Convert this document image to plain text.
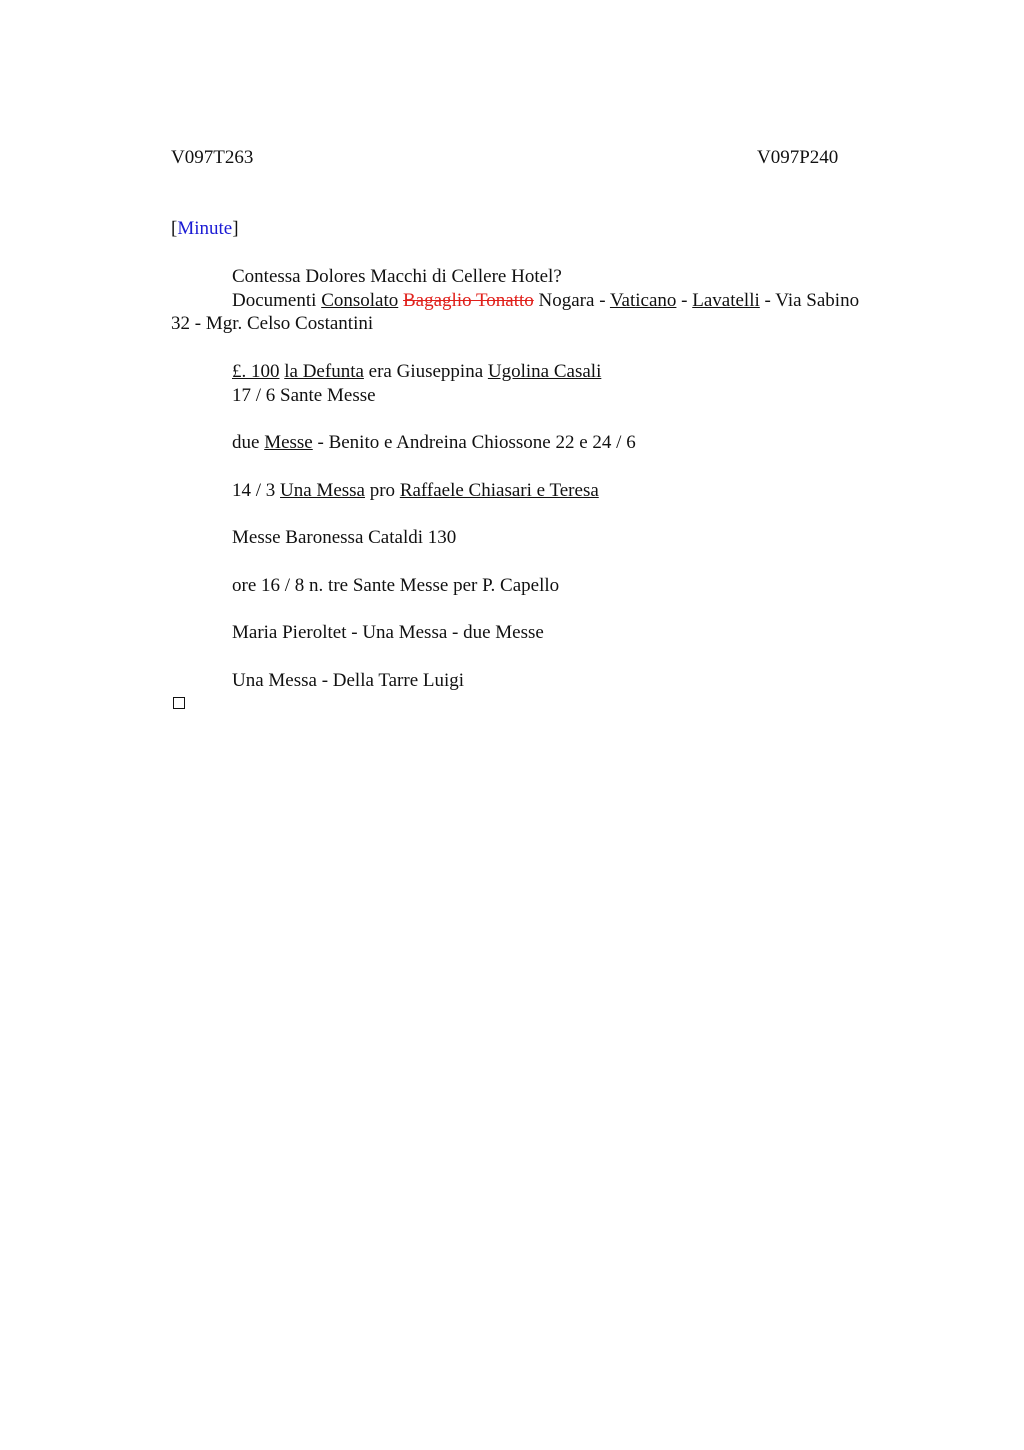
V097T263	V097P240
[Minute]
Contessa Dolores Macchi di Cellere Hotel?
Documenti Consolato Bagaglio Tonatto Nogara - Vaticano - Lavatelli - Via Sabino
32 - Mgr. Celso Costantini
£. 100 la Defunta era Giuseppina Ugolina Casali
17 / 6 Sante Messe
due Messe - Benito e Andreina Chiossone 22 e 24 / 6
14 / 3 Una Messa pro Raffaele Chiasari e Teresa
Messe Baronessa Cataldi 130
ore 16 / 8 n. tre Sante Messe per P. Capello
Maria Pieroltet - Una Messa - due Messe
Una Messa - Della Tarre Luigi
